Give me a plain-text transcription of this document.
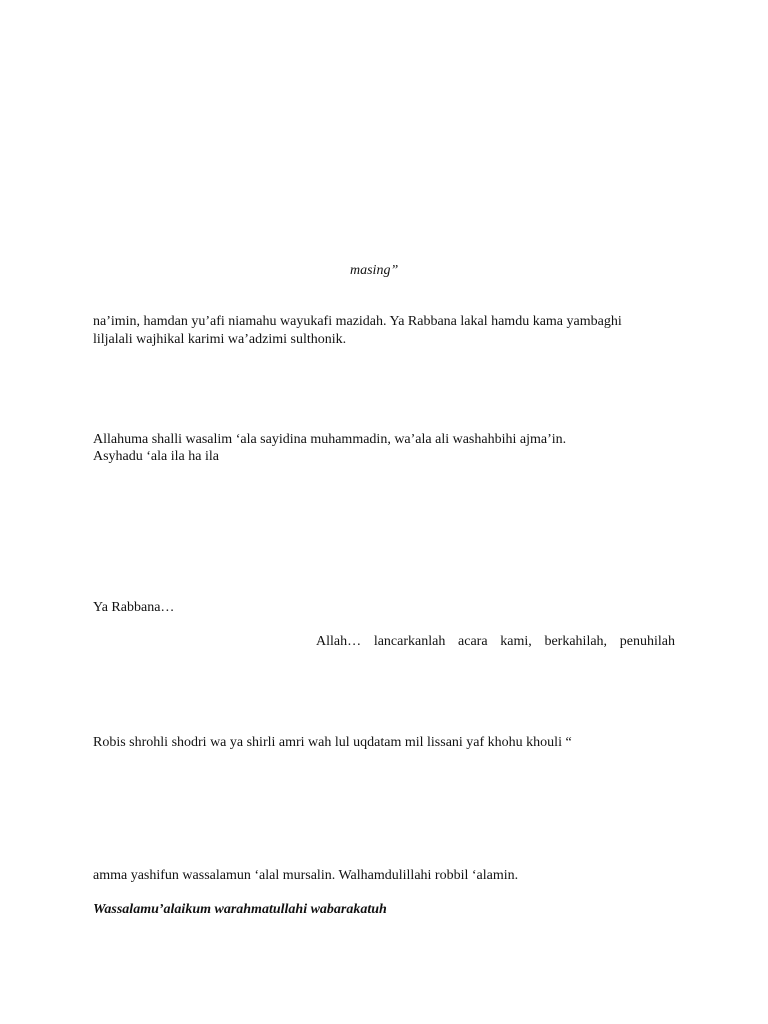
masing”
na’imin, hamdan yu’afi niamahu wayukafi mazidah. Ya Rabbana lakal hamdu kama yambaghi
liljalali wajhikal karimi wa’adzimi sulthonik.
Allahuma shalli wasalim ‘ala sayidina muhammadin, wa’ala ali washahbihi ajma’in.
Asyhadu ‘ala ila ha ila
Ya Rabbana…
Allah… lancarkanlah acara kami, berkahilah, penuhilah
Robis shrohli shodri wa ya shirli amri wah lul uqdatam mil lissani yaf khohu khouli “
amma yashifun wassalamun ‘alal mursalin. Walhamdulillahi robbil ‘alamin.
Wassalamu’alaikum warahmatullahi wabarakatuh
